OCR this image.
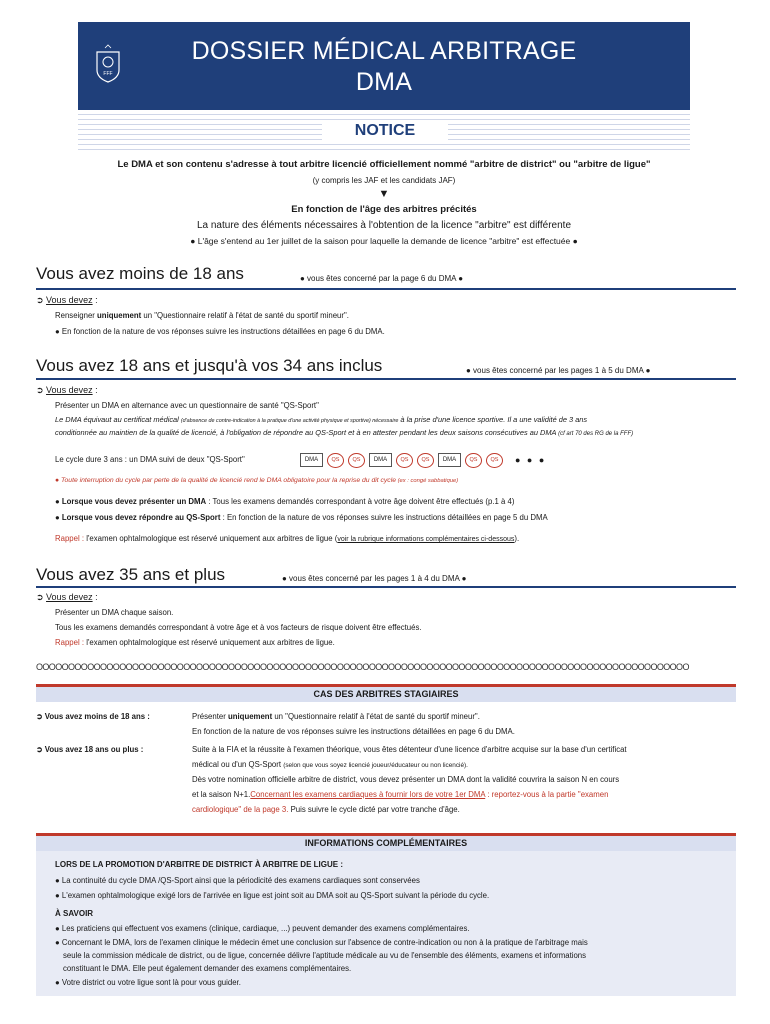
DOSSIER MÉDICAL ARBITRAGE
DMA
FFF
NOTICE
Le DMA et son contenu s'adresse à tout arbitre licencié officiellement nommé "arbitre de district" ou "arbitre de ligue"
(y compris les JAF et les candidats JAF)
▼
En fonction de l'âge des arbitres précités
La nature des éléments nécessaires à l'obtention de la licence "arbitre" est différente
● L'âge s'entend au 1er juillet de la saison pour laquelle la demande de licence "arbitre" est effectuée ●
Vous avez moins de 18 ans	● vous êtes concerné par la page 6 du DMA ●
➲ Vous devez :
Renseigner uniquement un "Questionnaire relatif à l'état de santé du sportif mineur".
● En fonction de la nature de vos réponses suivre les instructions détaillées en page 6 du DMA.
Vous avez 18 ans et jusqu'à vos 34 ans inclus	● vous êtes concerné par les pages 1 à 5 du DMA ●
➲ Vous devez :
Présenter un DMA en alternance avec un questionnaire de santé "QS-Sport"
Le DMA équivaut au certificat médical (d'absence de contre-indication à la pratique d'une activité physique et sportive) nécessaire à la prise d'une licence sportive. Il a une validité de 3 ans
conditionnée au maintien de la qualité de licencié, à l'obligation de répondre au QS-Sport et à en attester pendant les deux saisons consécutives au DMA (cf art 70 des RG de la FFF)
Le cycle dure 3 ans : un DMA suivi de deux "QS-Sport"	DMA	QS	QS	DMA	QS	QS	DMA	QS	QS	● ● ●
● Toute interruption du cycle par perte de la qualité de licencié rend le DMA obligatoire pour la reprise du dit cycle (ex : congé sabbatique)
● Lorsque vous devez présenter un DMA : Tous les examens demandés correspondant à votre âge doivent être effectués (p.1 à 4)
● Lorsque vous devez répondre au QS-Sport : En fonction de la nature de vos réponses suivre les instructions détaillées en page 5 du DMA
Rappel : l'examen ophtalmologique est réservé uniquement aux arbitres de ligue (voir la rubrique informations complémentaires ci-dessous).
Vous avez 35 ans et plus	● vous êtes concerné par les pages 1 à 4 du DMA ●
➲ Vous devez :
Présenter un DMA chaque saison.
Tous les examens demandés correspondant à votre âge et à vos facteurs de risque doivent être effectués.
Rappel : l'examen ophtalmologique est réservé uniquement aux arbitres de ligue.
OOOOOOOOOOOOOOOOOOOOOOOOOOOOOOOOOOOOOOOOOOOOOOOOOOOOOOOOOOOOOOOOOOOOOOOOOOOOOOOOOOOOOOOOOOOOOOOOOOOOOO
CAS DES ARBITRES STAGIAIRES
➲ Vous avez moins de 18 ans :	Présenter uniquement un "Questionnaire relatif à l'état de santé du sportif mineur".
En fonction de la nature de vos réponses suivre les instructions détaillées en page 6 du DMA.
➲ Vous avez 18 ans ou plus :	Suite à la FIA et la réussite à l'examen théorique, vous êtes détenteur d'une licence d'arbitre acquise sur la base d'un certificat
médical ou d'un QS-Sport (selon que vous soyez licencié joueur/éducateur ou non licencié).
Dès votre nomination officielle arbitre de district, vous devez présenter un DMA dont la validité couvrira la saison N en cours
et la saison N+1.Concernant les examens cardiaques à fournir lors de votre 1er DMA : reportez-vous à la partie "examen
cardiologique" de la page 3. Puis suivre le cycle dicté par votre tranche d'âge.
INFORMATIONS COMPLÉMENTAIRES
LORS DE LA PROMOTION D'ARBITRE DE DISTRICT À ARBITRE DE LIGUE :
● La continuité du cycle DMA /QS-Sport ainsi que la périodicité des examens cardiaques sont conservées
● L'examen ophtalmologique exigé lors de l'arrivée en ligue est joint soit au DMA soit au QS-Sport suivant la période du cycle.
À SAVOIR
● Les praticiens qui effectuent vos examens (clinique, cardiaque, ...) peuvent demander des examens complémentaires.
● Concernant le DMA, lors de l'examen clinique le médecin émet une conclusion sur l'absence de contre-indication ou non à la pratique de l'arbitrage mais
seule la commission médicale de district, ou de ligue, concernée délivre l'aptitude médicale au vu de l'ensemble des éléments, examens et informations
constituant le DMA. Elle peut également demander des examens complémentaires.
● Votre district ou votre ligue sont là pour vous guider.
